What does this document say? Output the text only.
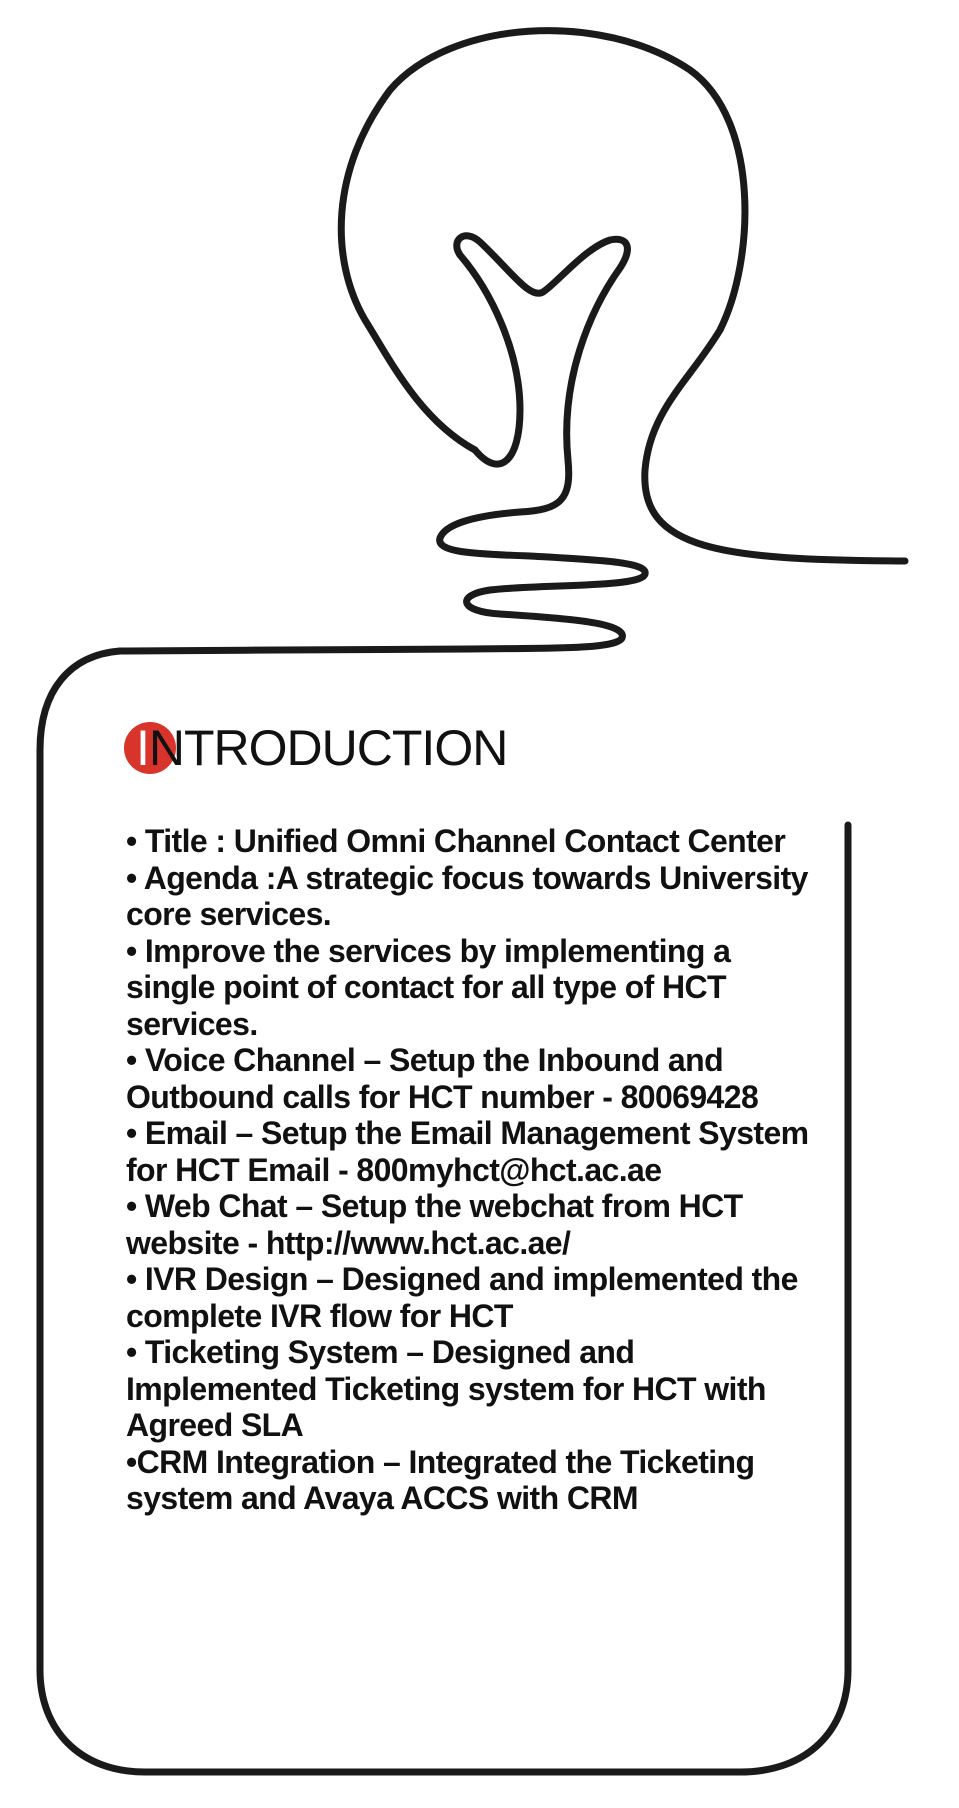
I NTRODUCTION

• Title : Unified Omni Channel Contact Center

• Agenda :A strategic focus towards University core services.

• Improve the services by implementing a single point of contact for all type of HCT services.

• Voice Channel – Setup the Inbound and Outbound calls for HCT number - 80069428

• Email – Setup the Email Management System for HCT Email - 800myhct@hct.ac.ae

• Web Chat – Setup the webchat from HCT website - http://www.hct.ac.ae/

• IVR Design – Designed and implemented the complete IVR flow for HCT

• Ticketing System – Designed and Implemented Ticketing system for HCT with Agreed SLA

•CRM Integration – Integrated the Ticketing system and Avaya ACCS with CRM
